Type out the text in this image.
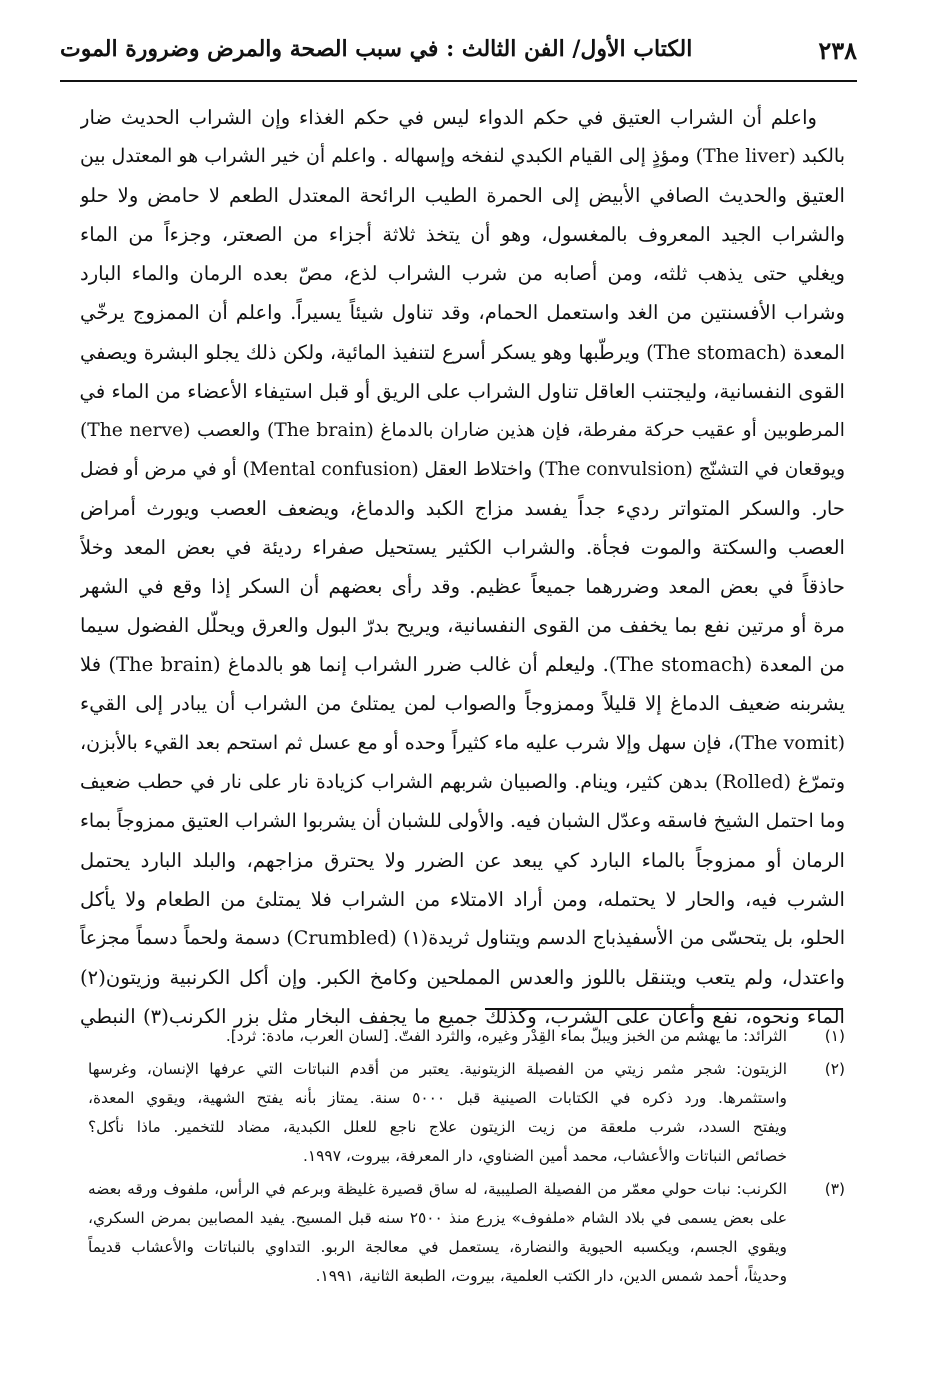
٢٣٨
الكتاب الأول/ الفن الثالث : في سبب الصحة والمرض وضرورة الموت
واعلم أن الشراب العتيق في حكم الدواء ليس في حكم الغذاء وإن الشراب الحديث ضار
بالكبد (The liver) ومؤذٍ إلى القيام الكبدي لنفخه وإسهاله . واعلم أن خير الشراب هو المعتدل بين
العتيق والحديث الصافي الأبيض إلى الحمرة الطيب الرائحة المعتدل الطعم لا حامض ولا حلو
والشراب الجيد المعروف بالمغسول، وهو أن يتخذ ثلاثة أجزاء من الصعتر، وجزءاً من الماء
ويغلي حتى يذهب ثلثه، ومن أصابه من شرب الشراب لذع، مصّ بعده الرمان والماء البارد
وشراب الأفسنتين من الغد واستعمل الحمام، وقد تناول شيئاً يسيراً. واعلم أن الممزوج يرخّي
المعدة (The stomach) ويرطّبها وهو يسكر أسرع لتنفيذ المائية، ولكن ذلك يجلو البشرة ويصفي
القوى النفسانية، وليجتنب العاقل تناول الشراب على الريق أو قبل استيفاء الأعضاء من الماء في
المرطوبين أو عقيب حركة مفرطة، فإن هذين ضاران بالدماغ (The brain) والعصب (The nerve)
ويوقعان في التشنّج (The convulsion) واختلاط العقل (Mental confusion) أو في مرض أو فضل
حار. والسكر المتواتر رديء جداً يفسد مزاج الكبد والدماغ، ويضعف العصب ويورث أمراض
العصب والسكتة والموت فجأة. والشراب الكثير يستحيل صفراء رديئة في بعض المعد وخلاً
حاذقاً في بعض المعد وضررهما جميعاً عظيم. وقد رأى بعضهم أن السكر إذا وقع في الشهر
مرة أو مرتين نفع بما يخفف من القوى النفسانية، ويريح بدرّ البول والعرق ويحلّل الفضول سيما
من المعدة (The stomach). وليعلم أن غالب ضرر الشراب إنما هو بالدماغ (The brain) فلا
يشربنه ضعيف الدماغ إلا قليلاً وممزوجاً والصواب لمن يمتلئ من الشراب أن يبادر إلى القيء
(The vomit)، فإن سهل وإلا شرب عليه ماء كثيراً وحده أو مع عسل ثم استحم بعد القيء بالأبزن،
وتمرّغ (Rolled) بدهن كثير، وينام. والصبيان شربهم الشراب كزيادة نار على نار في حطب ضعيف
وما احتمل الشيخ فاسقه وعدّل الشبان فيه. والأولى للشبان أن يشربوا الشراب العتيق ممزوجاً بماء
الرمان أو ممزوجاً بالماء البارد كي يبعد عن الضرر ولا يحترق مزاجهم، والبلد البارد يحتمل
الشرب فيه، والحار لا يحتمله، ومن أراد الامتلاء من الشراب فلا يمتلئ من الطعام ولا يأكل
الحلو، بل يتحسّى من الأسفيذباج الدسم ويتناول ثريدة(١) (Crumbled) دسمة ولحماً دسماً مجزعاً
واعتدل، ولم يتعب ويتنقل باللوز والعدس المملحين وكامخ الكبر. وإن أكل الكرنبية وزيتون(٢)
الماء ونحوه، نفع وأعان على الشرب، وكذلك جميع ما يجفف البخار مثل بزر الكرنب(٣) النبطي
(١)
الثرائد: ما يهشم من الخبز ويبلّ بماء القِدْر وغيره، والثرد الفتّ. [لسان العرب، مادة: ثرد].
(٢)
الزيتون: شجر مثمر زيتي من الفصيلة الزيتونية. يعتبر من أقدم النباتات التي عرفها الإنسان، وغرسها
واستثمرها. ورد ذكره في الكتابات الصينية قبل ٥٠٠٠ سنة. يمتاز بأنه يفتح الشهية، ويقوي المعدة،
ويفتح السدد، شرب ملعقة من زيت الزيتون علاج ناجع للعلل الكبدية، مضاد للتخمير. ماذا نأكل؟
خصائص النباتات والأعشاب، محمد أمين الضناوي، دار المعرفة، بيروت، ١٩٩٧.
(٣)
الكرنب: نبات حولي معمّر من الفصيلة الصليبية، له ساق قصيرة غليظة وبرعم في الرأس، ملفوف ورقه بعضه
على بعض يسمى في بلاد الشام «ملفوف» يزرع منذ ٢٥٠٠ سنه قبل المسيح. يفيد المصابين بمرض السكري،
ويقوي الجسم، ويكسبه الحيوية والنضارة، يستعمل في معالجة الربو. التداوي بالنباتات والأعشاب قديماً
وحديثاً، أحمد شمس الدين، دار الكتب العلمية، بيروت، الطبعة الثانية، ١٩٩١.
